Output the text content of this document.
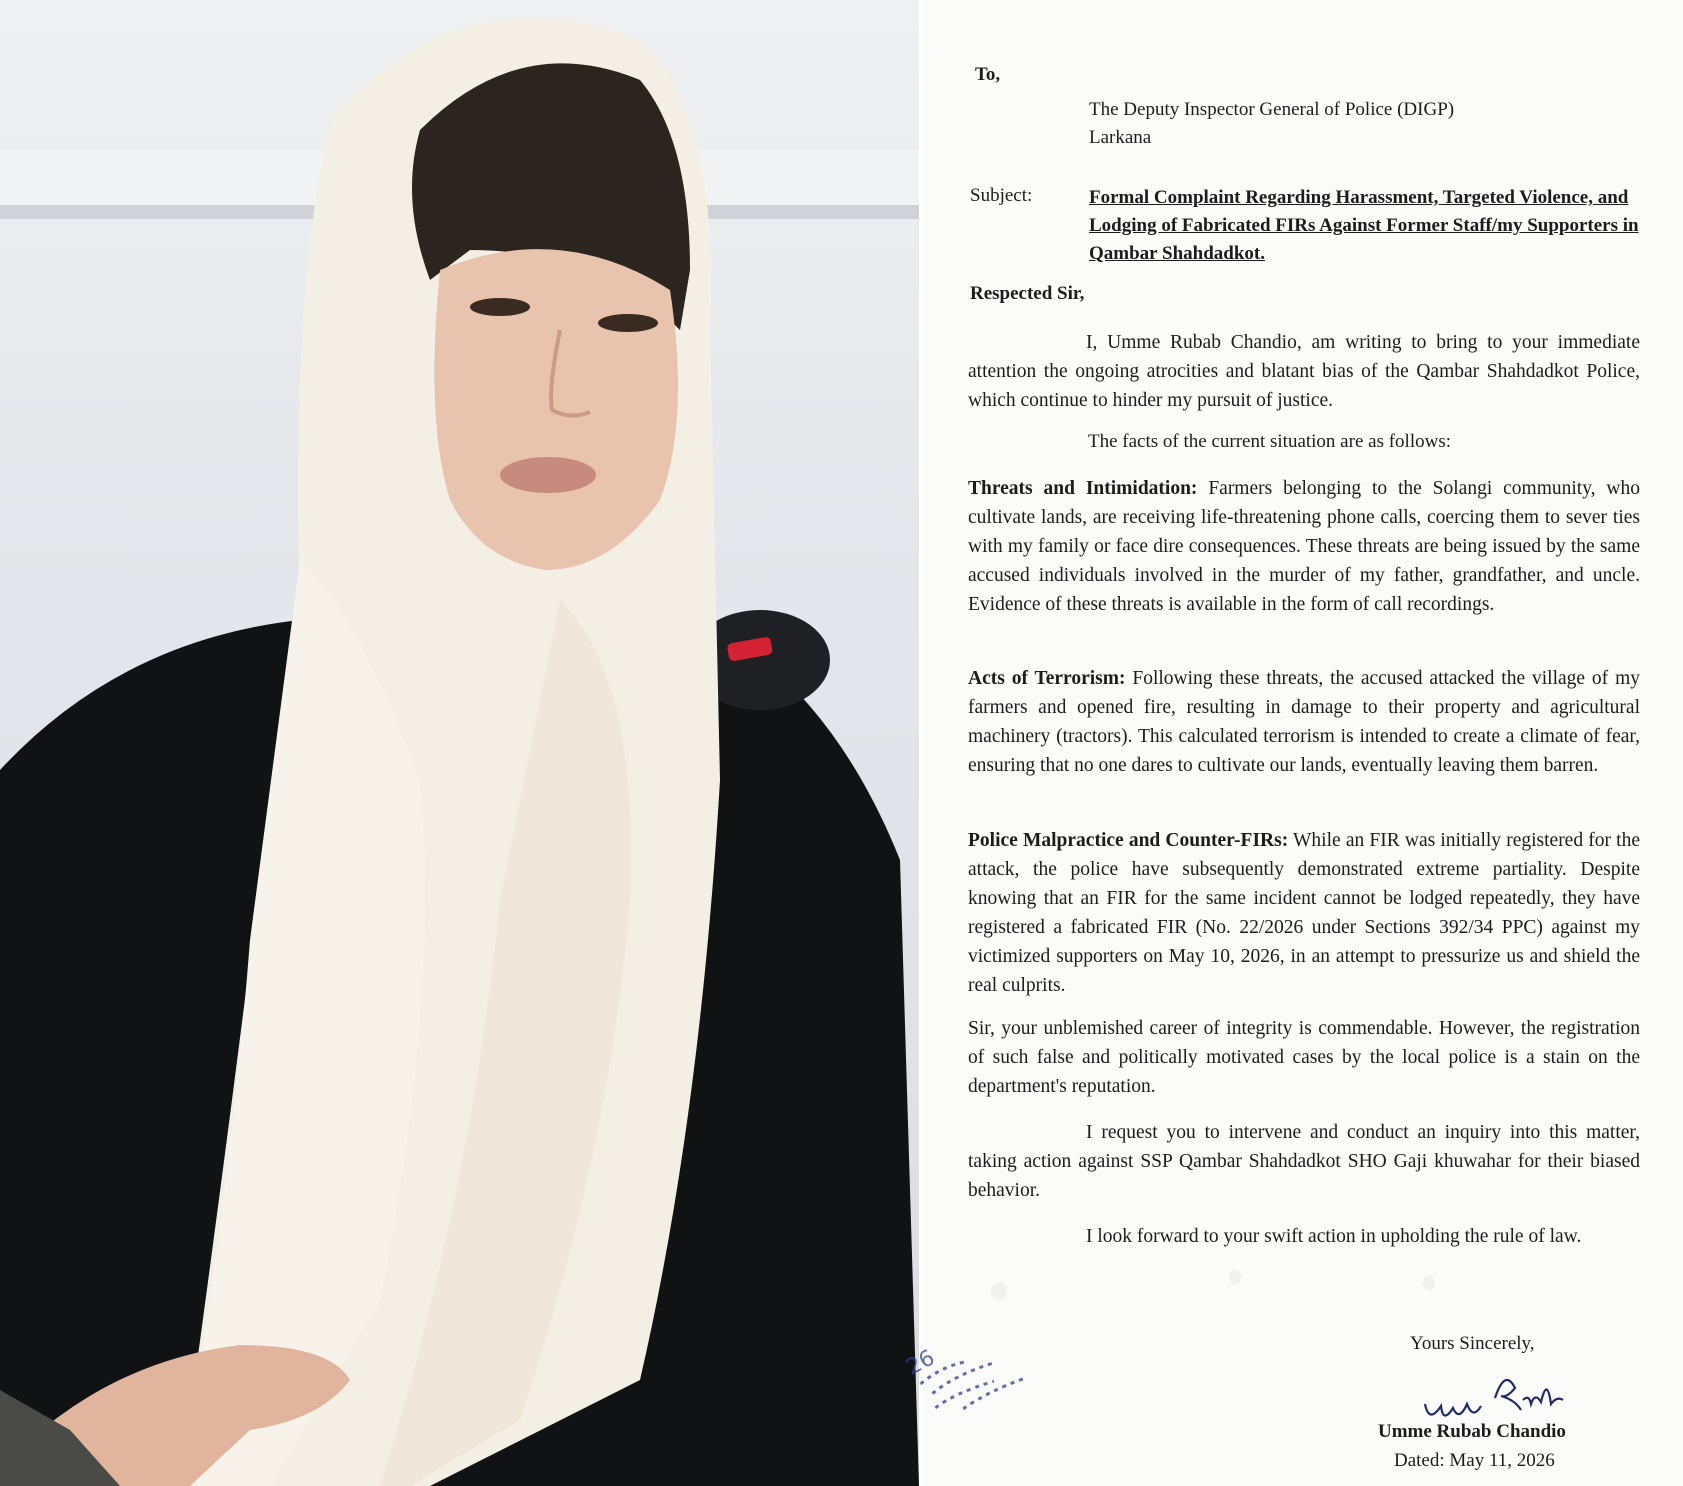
To,
The Deputy Inspector General of Police (DIGP)
Larkana
Subject:	Formal Complaint Regarding Harassment, Targeted Violence, and Lodging of Fabricated FIRs Against Former Staff/my Supporters in Qambar Shahdadkot.
Respected Sir,
I, Umme Rubab Chandio, am writing to bring to your immediate attention the ongoing atrocities and blatant bias of the Qambar Shahdadkot Police, which continue to hinder my pursuit of justice.
The facts of the current situation are as follows:
Threats and Intimidation: Farmers belonging to the Solangi community, who cultivate lands, are receiving life-threatening phone calls, coercing them to sever ties with my family or face dire consequences. These threats are being issued by the same accused individuals involved in the murder of my father, grandfather, and uncle. Evidence of these threats is available in the form of call recordings.
Acts of Terrorism: Following these threats, the accused attacked the village of my farmers and opened fire, resulting in damage to their property and agricultural machinery (tractors). This calculated terrorism is intended to create a climate of fear, ensuring that no one dares to cultivate our lands, eventually leaving them barren.
Police Malpractice and Counter-FIRs: While an FIR was initially registered for the attack, the police have subsequently demonstrated extreme partiality. Despite knowing that an FIR for the same incident cannot be lodged repeatedly, they have registered a fabricated FIR (No. 22/2026 under Sections 392/34 PPC) against my victimized supporters on May 10, 2026, in an attempt to pressurize us and shield the real culprits.
Sir, your unblemished career of integrity is commendable. However, the registration of such false and politically motivated cases by the local police is a stain on the department's reputation.
I request you to intervene and conduct an inquiry into this matter, taking action against SSP Qambar Shahdadkot SHO Gaji khuwahar for their biased behavior.
I look forward to your swift action in upholding the rule of law.
Yours Sincerely,
Umme Rubab Chandio
Dated: May 11, 2026
26
